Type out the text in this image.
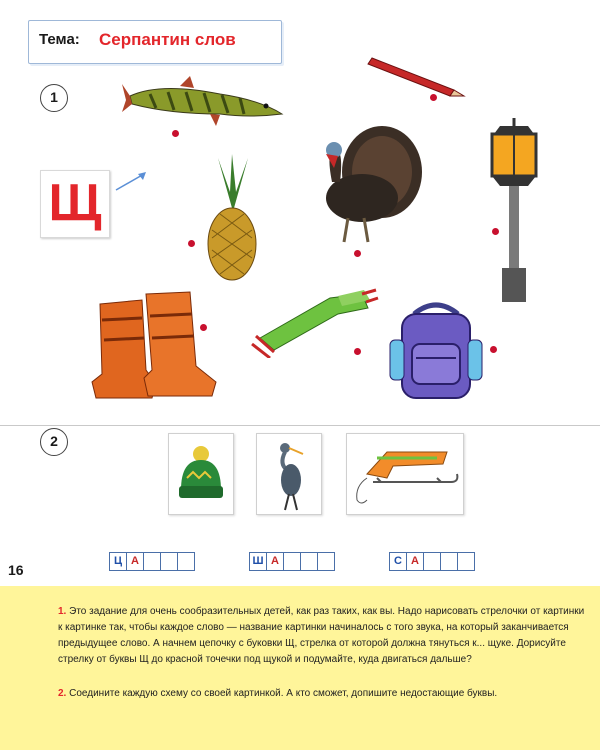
Тема: Серпантин слов
1
Щ
2
Ц А	Ш А	С А
16
1. Это задание для очень сообразительных детей, как раз таких, как вы. Надо нарисовать стрелочки от картинки к картинке так, чтобы каждое слово — название картинки начиналось с того звука, на который заканчивается предыдущее слово. А начнем цепочку с буковки Щ, стрелка от которой должна тянуться к... щуке. Дорисуйте стрелку от буквы Щ до красной точечки под щукой и подумайте, куда двигаться дальше?
2. Соедините каждую схему со своей картинкой. А кто сможет, допишите недостающие буквы.
